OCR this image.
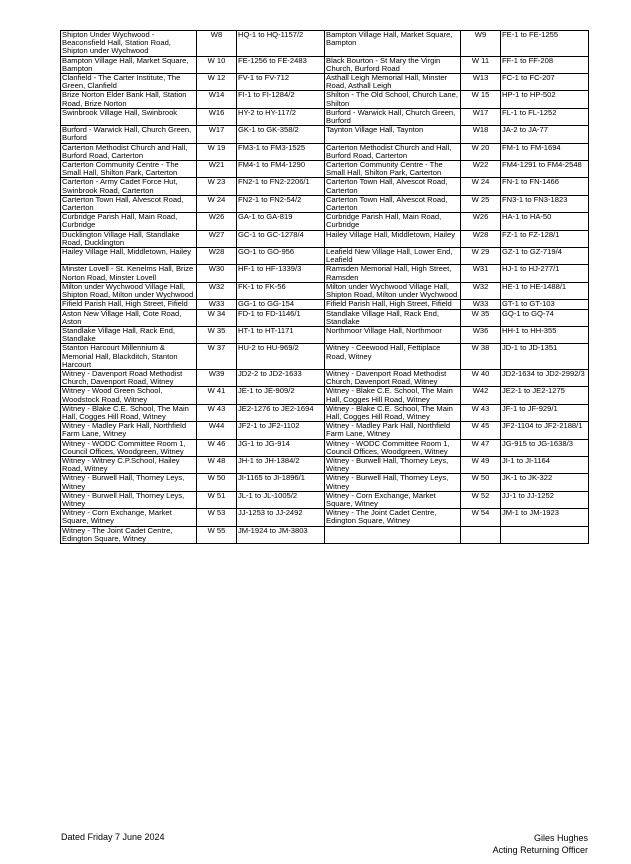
Shipton Under Wychwood - Beaconsfield Hall, Station Road, Shipton under Wychwood	W8	HQ-1 to HQ-1157/2	Bampton Village Hall, Market Square, Bampton	W9	FE-1 to FE-1255
Bampton Village Hall, Market Square, Bampton	W 10	FE-1256 to FE-2483	Black Bourton - St Mary the Virgin Church, Burford Road	W 11	FF-1 to FF-208
Clanfield - The Carter Institute, The Green, Clanfield	W 12	FV-1 to FV-712	Asthall Leigh Memorial Hall, Minster Road, Asthall Leigh	W13	FC-1 to FC-207
Brize Norton Elder Bank Hall, Station Road, Brize Norton	W14	FI-1 to FI-1284/2	Shilton - The Old School, Church Lane, Shilton	W 15	HP-1 to HP-502
Swinbrook Village Hall, Swinbrook	W16	HY-2 to HY-117/2	Burford - Warwick Hall, Church Green, Burford	W17	FL-1 to FL-1252
Burford - Warwick Hall, Church Green, Burford	W17	GK-1 to GK-358/2	Taynton Village Hall, Taynton	W18	JA-2 to JA-77
Carterton Methodist Church and Hall, Burford Road, Carterton	W 19	FM3-1 to FM3-1525	Carterton Methodist Church and Hall, Burford Road, Carterton	W 20	FM-1 to FM-1694
Carterton Community Centre - The Small Hall, Shilton Park, Carterton	W21	FM4-1 to FM4-1290	Carterton Community Centre - The Small Hall, Shilton Park, Carterton	W22	FM4-1291 to FM4-2548
Carterton - Army Cadet Force Hut, Swinbrook Road, Carterton	W 23	FN2-1 to FN2-2206/1	Carterton Town Hall, Alvescot Road, Carterton	W 24	FN-1 to FN-1466
Carterton Town Hall, Alvescot Road, Carterton	W 24	FN2-1 to FN2-54/2	Carterton Town Hall, Alvescot Road, Carterton	W 25	FN3-1 to FN3-1823
Curbridge Parish Hall, Main Road, Curbridge	W26	GA-1 to GA-819	Curbridge Parish Hall, Main Road, Curbridge	W26	HA-1 to HA-50
Ducklington Village Hall, Standlake Road, Ducklington	W27	GC-1 to GC-1278/4	Hailey Village Hall, Middletown, Hailey	W28	FZ-1 to FZ-128/1
Hailey Village Hall, Middletown, Hailey	W28	GO-1 to GO-956	Leafield New Village Hall, Lower End, Leafield	W 29	GZ-1 to GZ-719/4
Minster Lovell - St. Kenelms Hall, Brize Norton Road, Minster Lovell	W30	HF-1 to HF-1339/3	Ramsden Memorial Hall, High Street, Ramsden	W31	HJ-1 to HJ-277/1
Milton under Wychwood Village Hall, Shipton Road, Milton under Wychwood	W32	FK-1 to FK-56	Milton under Wychwood Village Hall, Shipton Road, Milton under Wychwood	W32	HE-1 to HE-1488/1
Fifield Parish Hall, High Street, Fifield	W33	GG-1 to GG-154	Fifield Parish Hall, High Street, Fifield	W33	GT-1 to GT-103
Aston New Village Hall, Cote Road, Aston	W 34	FD-1 to FD-1146/1	Standlake Village Hall, Rack End, Standlake	W 35	GQ-1 to GQ-74
Standlake Village Hall, Rack End, Standlake	W 35	HT-1 to HT-1171	Northmoor Village Hall, Northmoor	W36	HH-1 to HH-355
Stanton Harcourt Millennium & Memorial Hall, Blackditch, Stanton Harcourt	W 37	HU-2 to HU-969/2	Witney - Ceewood Hall, Fettiplace Road, Witney	W 38	JD-1 to JD-1351
Witney - Davenport Road Methodist Church, Davenport Road, Witney	W39	JD2-2 to JD2-1633	Witney - Davenport Road Methodist Church, Davenport Road, Witney	W 40	JD2-1634 to JD2-2992/3
Witney - Wood Green School, Woodstock Road, Witney	W 41	JE-1 to JE-909/2	Witney - Blake C.E. School, The Main Hall, Cogges Hill Road, Witney	W42	JE2-1 to JE2-1275
Witney - Blake C.E. School, The Main Hall, Cogges Hill Road, Witney	W 43	JE2-1276 to JE2-1694	Witney - Blake C.E. School, The Main Hall, Cogges Hill Road, Witney	W 43	JF-1 to JF-929/1
Witney - Madley Park Hall, Northfield Farm Lane, Witney	W44	JF2-1 to JF2-1102	Witney - Madley Park Hall, Northfield Farm Lane, Witney	W 45	JF2-1104 to JF2-2188/1
Witney - WODC Committee Room 1, Council Offices, Woodgreen, Witney	W 46	JG-1 to JG-914	Witney - WODC Committee Room 1, Council Offices, Woodgreen, Witney	W 47	JG-915 to JG-1638/3
Witney - Witney C.P.School, Hailey Road, Witney	W 48	JH-1 to JH-1384/2	Witney - Burwell Hall, Thorney Leys, Witney	W 49	JI-1 to JI-1164
Witney - Burwell Hall, Thorney Leys, Witney	W 50	JI-1165 to JI-1896/1	Witney - Burwell Hall, Thorney Leys, Witney	W 50	JK-1 to JK-322
Witney - Burwell Hall, Thorney Leys, Witney	W 51	JL-1 to JL-1005/2	Witney - Corn Exchange, Market Square, Witney	W 52	JJ-1 to JJ-1252
Witney - Corn Exchange, Market Square, Witney	W 53	JJ-1253 to JJ-2492	Witney - The Joint Cadet Centre, Edington Square, Witney	W 54	JM-1 to JM-1923
Witney - The Joint Cadet Centre, Edington Square, Witney	W 55	JM-1924 to JM-3803			
Dated Friday 7 June 2024	Giles Hughes
Acting Returning Officer
